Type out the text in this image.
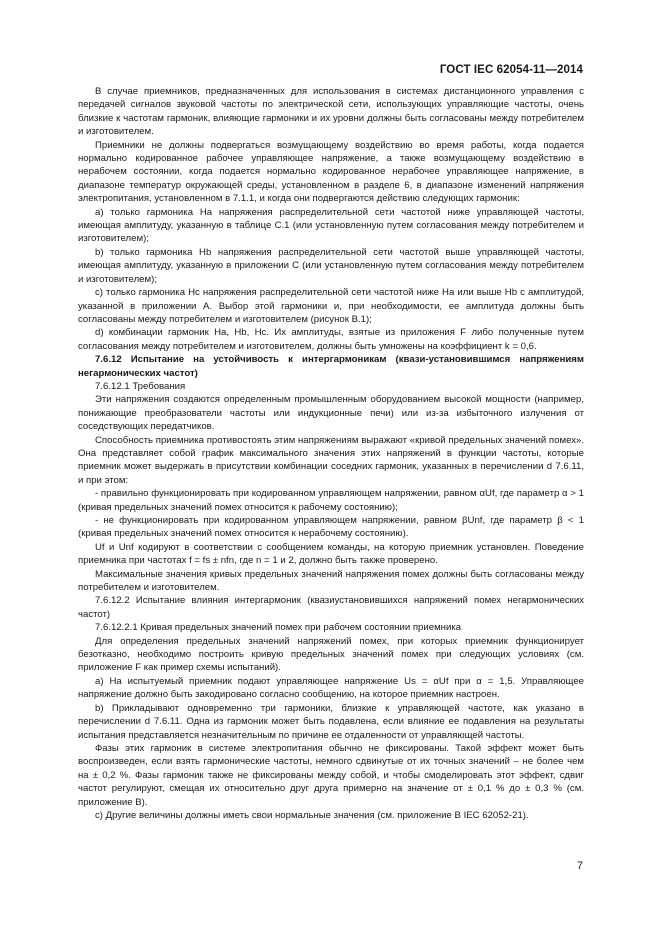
ГОСТ IEC 62054-11—2014

В случае приемников, предназначенных для использования в системах дистанционного управления с передачей сигналов звуковой частоты по электрической сети, использующих управляющие частоты, очень близкие к частотам гармоник, влияющие гармоники и их уровни должны быть согласованы между потребителем и изготовителем.

Приемники не должны подвергаться возмущающему воздействию во время работы, когда подается нормально кодированное рабочее управляющее напряжение, а также возмущающему воздействию в нерабочем состоянии, когда подается нормально кодированное нерабочее управляющее напряжение, в диапазоне температур окружающей среды, установленном в разделе 6, в диапазоне изменений напряжения электропитания, установленном в 7.1.1, и когда они подвергаются действию следующих гармоник:

a) только гармоника Ha напряжения распределительной сети частотой ниже управляющей частоты, имеющая амплитуду, указанную в таблице C.1 (или установленную путем согласования между потребителем и изготовителем);

b) только гармоника Hb напряжения распределительной сети частотой выше управляющей частоты, имеющая амплитуду, указанную в приложении C (или установленную путем согласования между потребителем и изготовителем);

c) только гармоника Hc напряжения распределительной сети частотой ниже Ha или выше Hb с амплитудой, указанной в приложении A. Выбор этой гармоники и, при необходимости, ее амплитуда должны быть согласованы между потребителем и изготовителем (рисунок B.1);

d) комбинации гармоник Ha, Hb, Hc. Их амплитуды, взятые из приложения F либо полученные путем согласования между потребителем и изготовителем, должны быть умножены на коэффициент k = 0,6.

7.6.12 Испытание на устойчивость к интергармоникам (квази-установившимся напряжениям негармонических частот)

7.6.12.1 Требования

Эти напряжения создаются определенным промышленным оборудованием высокой мощности (например, понижающие преобразователи частоты или индукционные печи) или из-за избыточного излучения от соседствующих передатчиков.

Способность приемника противостоять этим напряжениям выражают «кривой предельных значений помех». Она представляет собой график максимального значения этих напряжений в функции частоты, которые приемник может выдержать в присутствии комбинации соседних гармоник, указанных в перечислении d 7.6.11, и при этом:

- правильно функционировать при кодированном управляющем напряжении, равном αUf, где параметр α > 1 (кривая предельных значений помех относится к рабочему состоянию);

- не функционировать при кодированном управляющем напряжении, равном βUnf, где параметр β < 1 (кривая предельных значений помех относится к нерабочему состоянию).

Uf и Unf кодируют в соответствии с сообщением команды, на которую приемник установлен. Поведение приемника при частотах f = fs ± nfn, где n = 1 и 2, должно быть также проверено.

Максимальные значения кривых предельных значений напряжения помех должны быть согласованы между потребителем и изготовителем.

7.6.12.2 Испытание влияния интергармоник (квазиустановившихся напряжений помех негармонических частот)

7.6.12.2.1 Кривая предельных значений помех при рабочем состоянии приемника

Для определения предельных значений напряжений помех, при которых приемник функционирует безотказно, необходимо построить кривую предельных значений помех при следующих условиях (см. приложение F как пример схемы испытаний).

a) На испытуемый приемник подают управляющее напряжение Us = αUf при α = 1,5. Управляющее напряжение должно быть закодировано согласно сообщению, на которое приемник настроен.

b) Прикладывают одновременно три гармоники, близкие к управляющей частоте, как указано в перечислении d 7.6.11. Одна из гармоник может быть подавлена, если влияние ее подавления на результаты испытания представляется незначительным по причине ее отдаленности от управляющей частоты.

Фазы этих гармоник в системе электропитания обычно не фиксированы. Такой эффект может быть воспроизведен, если взять гармонические частоты, немного сдвинутые от их точных значений – не более чем на ± 0,2 %. Фазы гармоник также не фиксированы между собой, и чтобы смоделировать этот эффект, сдвиг частот регулируют, смещая их относительно друг друга примерно на значение от ± 0,1 % до ± 0,3 % (см. приложение B).

c) Другие величины должны иметь свои нормальные значения (см. приложение B IEC 62052-21).

7
